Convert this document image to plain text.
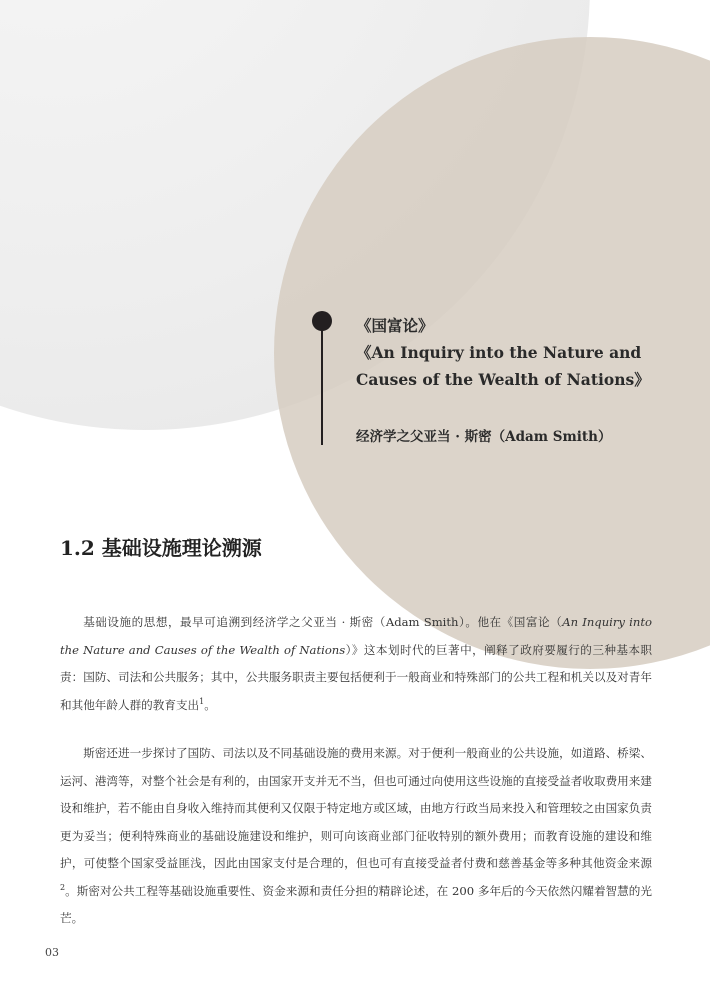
《国富论》
《An Inquiry into the Nature and
Causes of the Wealth of Nations》
经济学之父亚当 · 斯密（Adam Smith）
1.2 基础设施理论溯源
基础设施的思想，最早可追溯到经济学之父亚当 · 斯密（Adam Smith）。他在《国富论（An Inquiry into the Nature and Causes of the Wealth of Nations）》这本划时代的巨著中，阐释了政府要履行的三种基本职责：国防、司法和公共服务；其中，公共服务职责主要包括便利于一般商业和特殊部门的公共工程和机关以及对青年和其他年龄人群的教育支出$^1$。
斯密还进一步探讨了国防、司法以及不同基础设施的费用来源。对于便利一般商业的公共设施，如道路、桥梁、运河、港湾等，对整个社会是有利的，由国家开支并无不当，但也可通过向使用这些设施的直接受益者收取费用来建设和维护，若不能由自身收入维持而其便利又仅限于特定地方或区域，由地方行政当局来投入和管理较之由国家负责更为妥当；便利特殊商业的基础设施建设和维护，则可向该商业部门征收特别的额外费用；而教育设施的建设和维护，可使整个国家受益匪浅，因此由国家支付是合理的，但也可有直接受益者付费和慈善基金等多种其他资金来源$^2$。斯密对公共工程等基础设施重要性、资金来源和责任分担的精辟论述，在 200 多年后的今天依然闪耀着智慧的光芒。
03
